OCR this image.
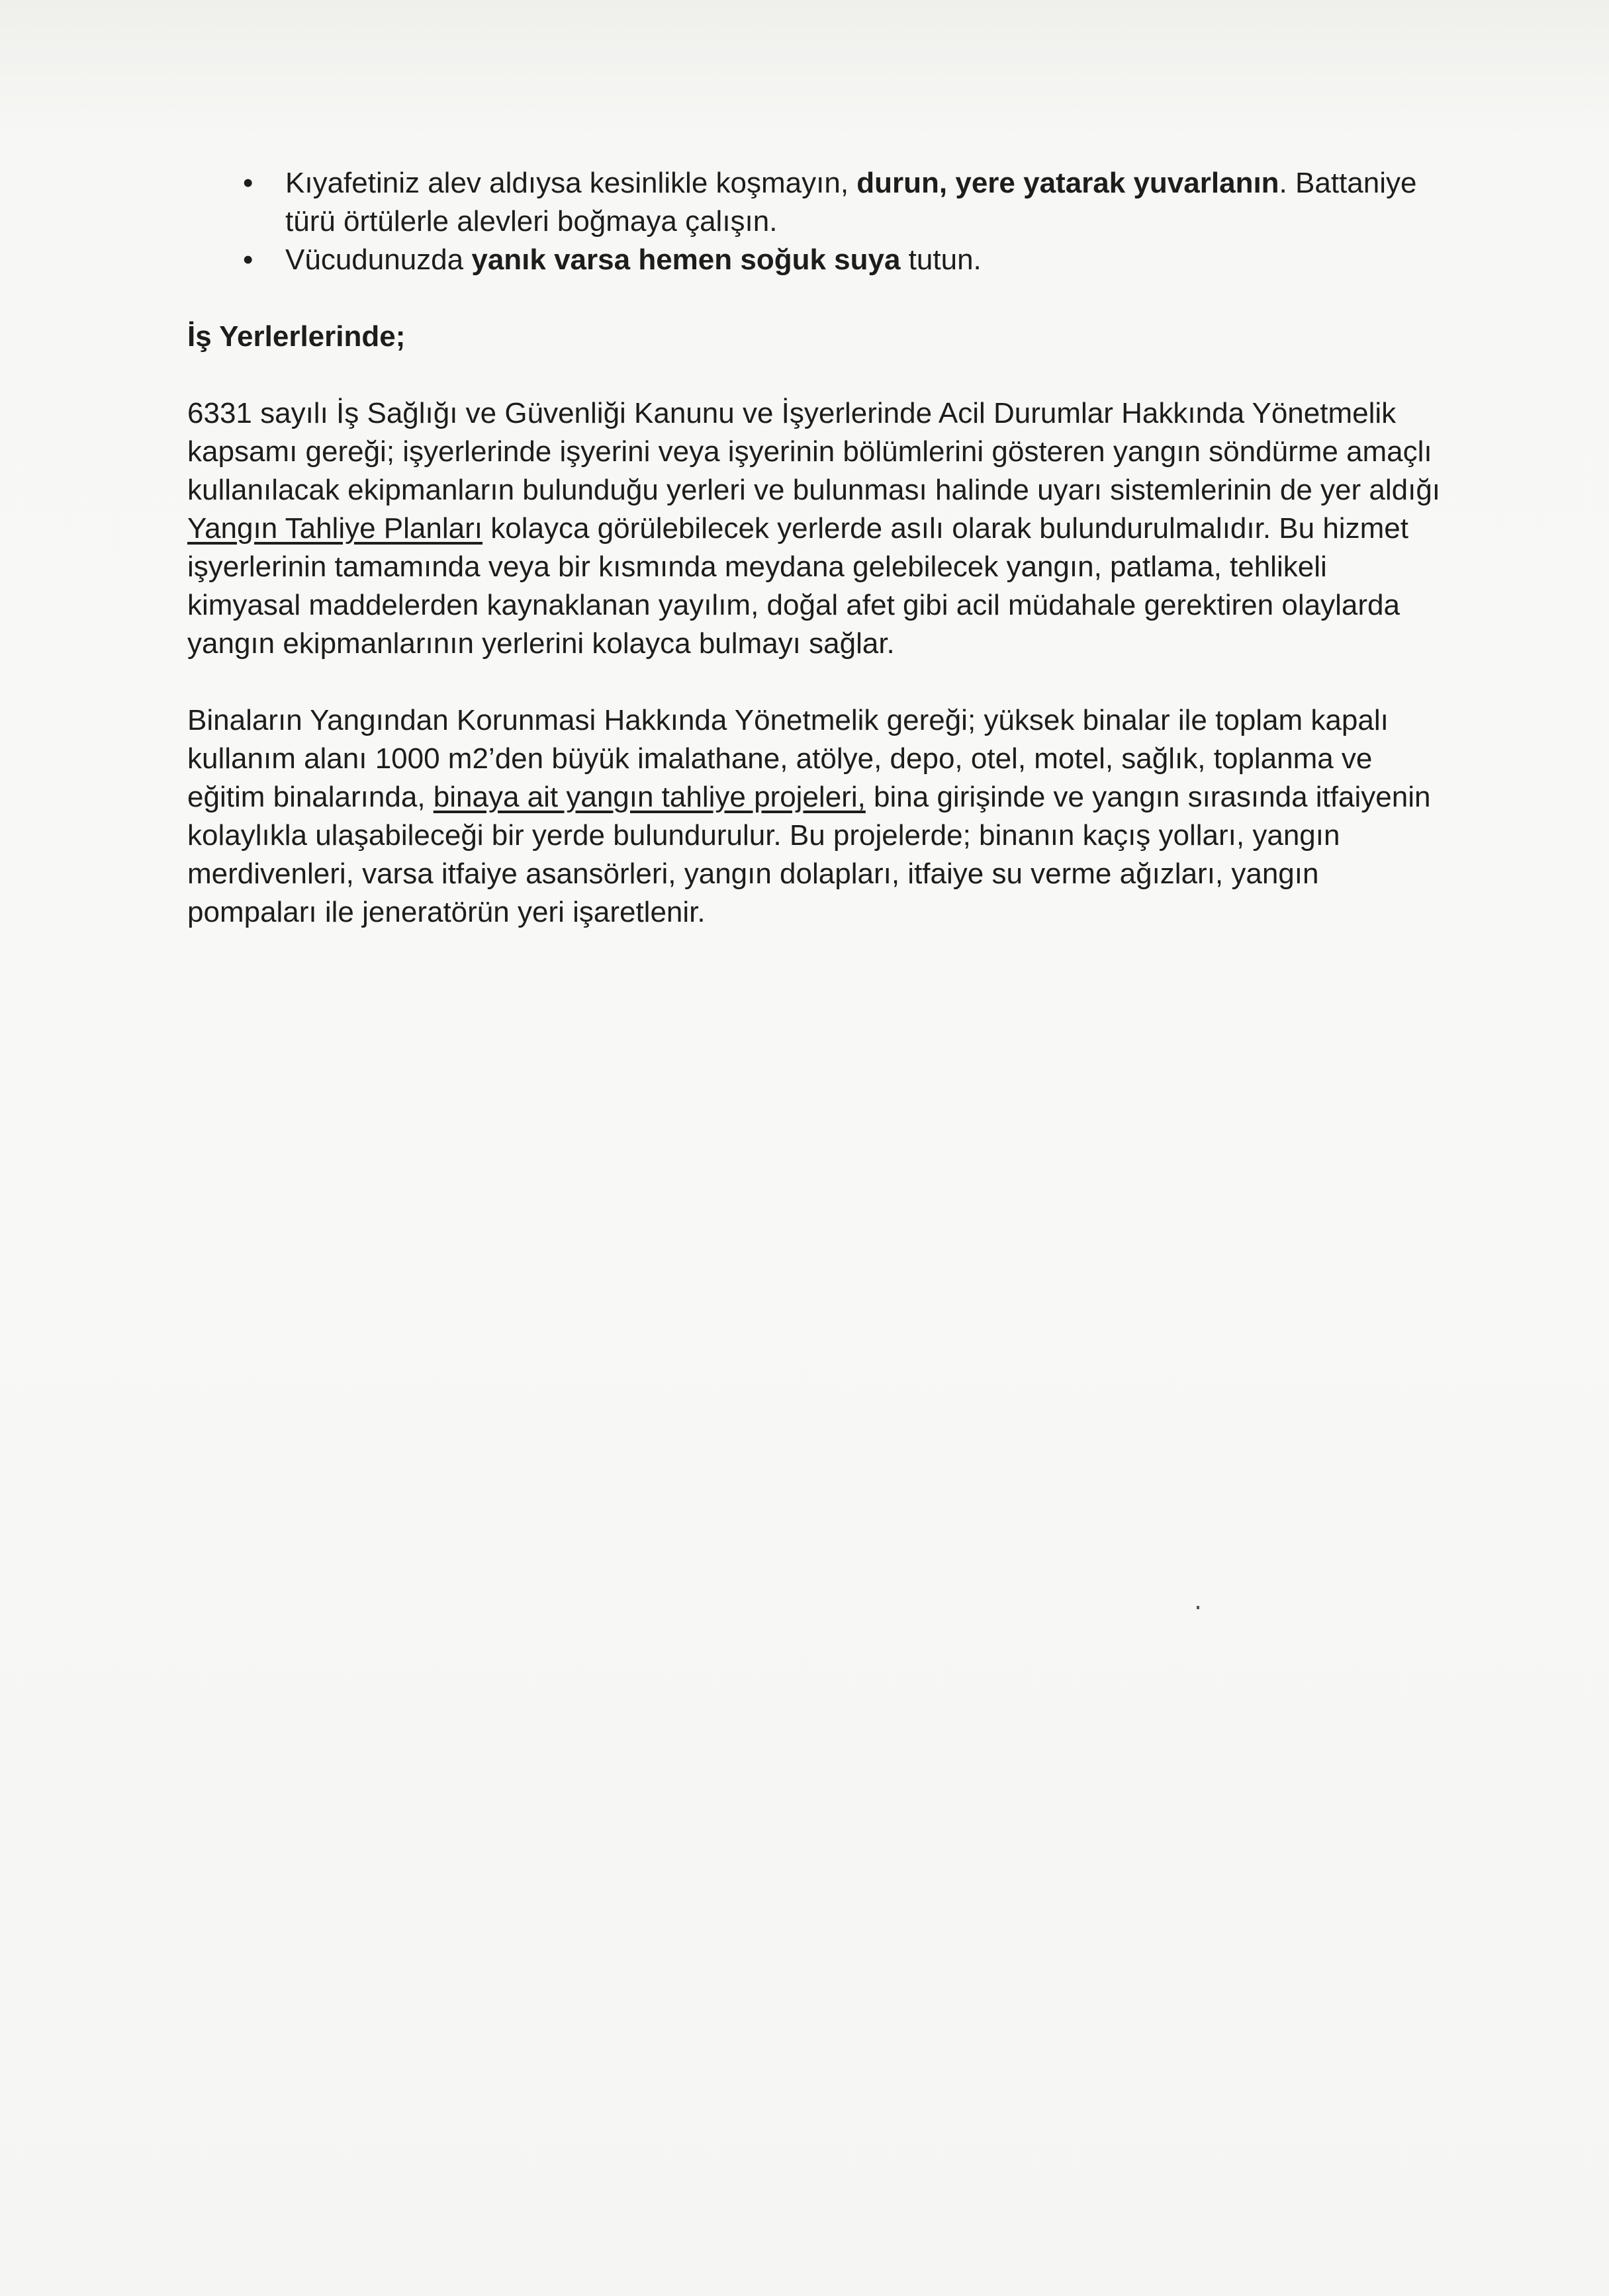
• Kıyafetiniz alev aldıysa kesinlikle koşmayın, durun, yere yatarak yuvarlanın. Battaniye türü örtülerle alevleri boğmaya çalışın.
• Vücudunuzda yanık varsa hemen soğuk suya tutun.
İş Yerlerlerinde;

6331 sayılı İş Sağlığı ve Güvenliği Kanunu ve İşyerlerinde Acil Durumlar Hakkında Yönetmelik kapsamı gereği; işyerlerinde işyerini veya işyerinin bölümlerini gösteren yangın söndürme amaçlı kullanılacak ekipmanların bulunduğu yerleri ve bulunması halinde uyarı sistemlerinin de yer aldığı Yangın Tahliye Planları kolayca görülebilecek yerlerde asılı olarak bulundurulmalıdır. Bu hizmet işyerlerinin tamamında veya bir kısmında meydana gelebilecek yangın, patlama, tehlikeli kimyasal maddelerden kaynaklanan yayılım, doğal afet gibi acil müdahale gerektiren olaylarda yangın ekipmanlarının yerlerini kolayca bulmayı sağlar.

Binaların Yangından Korunmasi Hakkında Yönetmelik gereği; yüksek binalar ile toplam kapalı kullanım alanı 1000 m2’den büyük imalathane, atölye, depo, otel, motel, sağlık, toplanma ve eğitim binalarında, binaya ait yangın tahliye projeleri, bina girişinde ve yangın sırasında itfaiyenin kolaylıkla ulaşabileceği bir yerde bulundurulur. Bu projelerde; binanın kaçış yolları, yangın merdivenleri, varsa itfaiye asansörleri, yangın dolapları, itfaiye su verme ağızları, yangın pompaları ile jeneratörün yeri işaretlenir.
